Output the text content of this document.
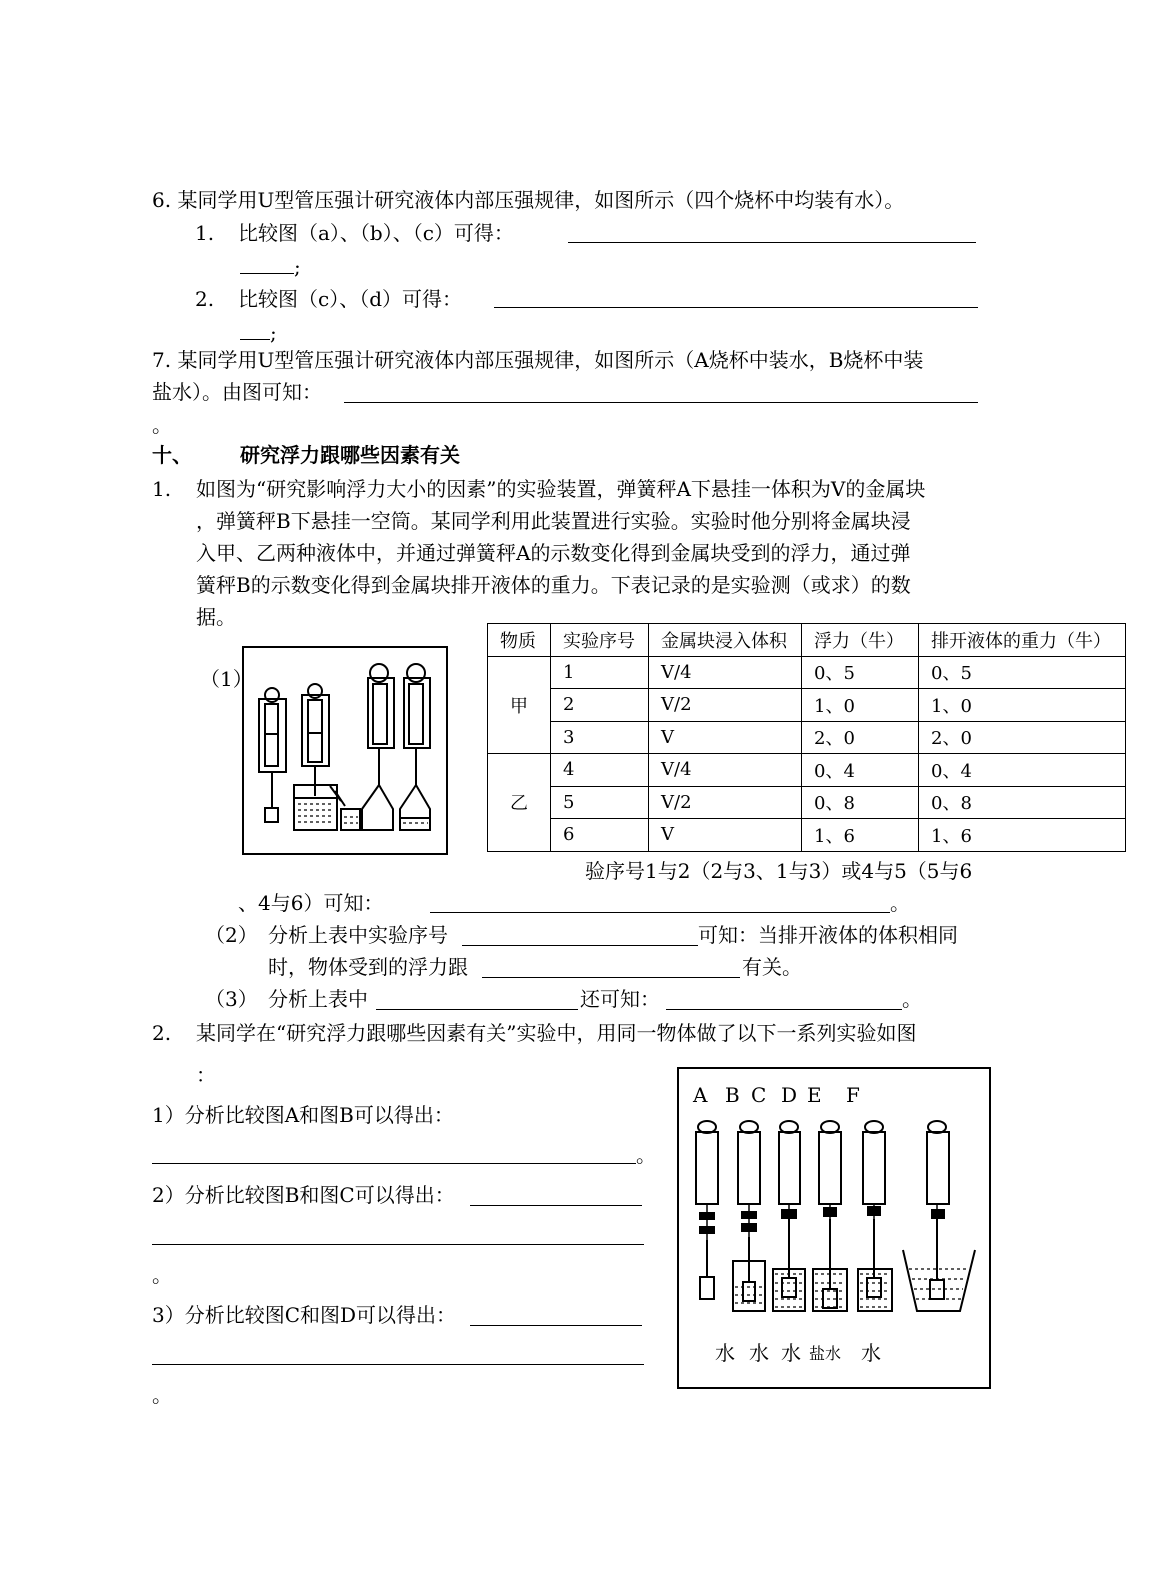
6. 某同学用U型管压强计研究液体内部压强规律，如图所示（四个烧杯中均装有水）。
1. 比较图（a）、（b）、（c）可得：
;
2. 比较图（c）、（d）可得：
;
7. 某同学用U型管压强计研究液体内部压强规律，如图所示（A烧杯中装水，B烧杯中装
盐水）。由图可知：
。
十、 研究浮力跟哪些因素有关
1. 如图为“研究影响浮力大小的因素”的实验装置，弹簧秤A下悬挂一体积为V的金属块
，弹簧秤B下悬挂一空筒。某同学利用此装置进行实验。实验时他分别将金属块浸
入甲、乙两种液体中，并通过弹簧秤A的示数变化得到金属块受到的浮力，通过弹
簧秤B的示数变化得到金属块排开液体的重力。下表记录的是实验测（或求）的数
据。
物质	实验序号	金属块浸入体积	浮力（牛）	排开液体的重力（牛）
甲	1	V/4	0、5	0、5
	2	V/2	1、0	1、0
	3	V	2、0	2、0
乙	4	V/4	0、4	0、4
	5	V/2	0、8	0、8
	6	V	1、6	1、6
（1）
验序号1与2（2与3、1与3）或4与5（5与6
、4与6）可知：	。
（2） 分析上表中实验序号	可知：当排开液体的体积相同
时，物体受到的浮力跟	有关。
（3） 分析上表中	还可知：	。
2. 某同学在“研究浮力跟哪些因素有关”实验中，用同一物体做了以下一系列实验如图
：
1）分析比较图A和图B可以得出：
。
2）分析比较图B和图C可以得出：
。
3）分析比较图C和图D可以得出：
。
A B C D E F
水 水 水 盐水 水
